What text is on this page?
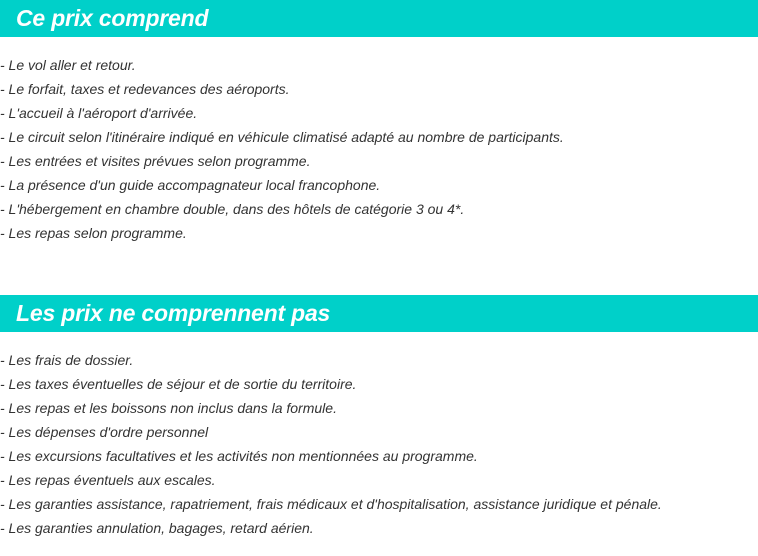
Ce prix comprend
- Le vol aller et retour.
- Le forfait, taxes et redevances des aéroports.
- L'accueil à l'aéroport d'arrivée.
- Le circuit selon l'itinéraire indiqué en véhicule climatisé adapté au nombre de participants.
- Les entrées et visites prévues selon programme.
- La présence d'un guide accompagnateur local francophone.
- L'hébergement en chambre double, dans des hôtels de catégorie 3 ou 4*.
- Les repas selon programme.
Les prix ne comprennent pas
- Les frais de dossier.
- Les taxes éventuelles de séjour et de sortie du territoire.
- Les repas et les boissons non inclus dans la formule.
- Les dépenses d'ordre personnel
- Les excursions facultatives et les activités non mentionnées au programme.
- Les repas éventuels aux escales.
- Les garanties assistance, rapatriement, frais médicaux et d'hospitalisation, assistance juridique et pénale.
- Les garanties annulation, bagages, retard aérien.
